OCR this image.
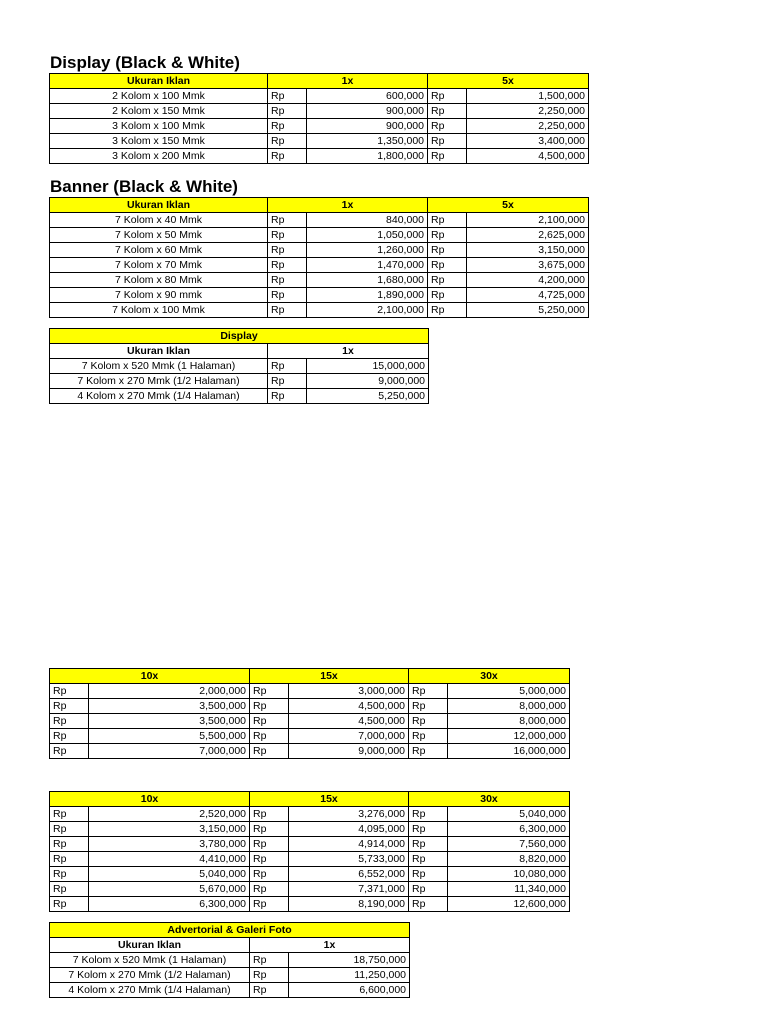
Display (Black & White)
Ukuran Iklan	1x		5x	
2 Kolom x 100 Mmk	Rp	600,000	Rp	1,500,000
2 Kolom x 150 Mmk	Rp	900,000	Rp	2,250,000
3 Kolom x 100 Mmk	Rp	900,000	Rp	2,250,000
3 Kolom x 150 Mmk	Rp	1,350,000	Rp	3,400,000
3 Kolom x 200 Mmk	Rp	1,800,000	Rp	4,500,000
Banner (Black & White)
Ukuran Iklan	1x		5x	
7 Kolom x 40 Mmk	Rp	840,000	Rp	2,100,000
7 Kolom x 50 Mmk	Rp	1,050,000	Rp	2,625,000
7 Kolom x 60 Mmk	Rp	1,260,000	Rp	3,150,000
7 Kolom x 70 Mmk	Rp	1,470,000	Rp	3,675,000
7 Kolom x 80 Mmk	Rp	1,680,000	Rp	4,200,000
7 Kolom x 90 mmk	Rp	1,890,000	Rp	4,725,000
7 Kolom x 100 Mmk	Rp	2,100,000	Rp	5,250,000
Display		
Ukuran Iklan	1x	
7 Kolom x 520 Mmk (1 Halaman)	Rp	15,000,000
7 Kolom x 270 Mmk (1/2 Halaman)	Rp	9,000,000
4 Kolom x 270 Mmk (1/4 Halaman)	Rp	5,250,000
10x		15x		30x	
Rp	2,000,000	Rp	3,000,000	Rp	5,000,000
Rp	3,500,000	Rp	4,500,000	Rp	8,000,000
Rp	3,500,000	Rp	4,500,000	Rp	8,000,000
Rp	5,500,000	Rp	7,000,000	Rp	12,000,000
Rp	7,000,000	Rp	9,000,000	Rp	16,000,000
10x		15x		30x	
Rp	2,520,000	Rp	3,276,000	Rp	5,040,000
Rp	3,150,000	Rp	4,095,000	Rp	6,300,000
Rp	3,780,000	Rp	4,914,000	Rp	7,560,000
Rp	4,410,000	Rp	5,733,000	Rp	8,820,000
Rp	5,040,000	Rp	6,552,000	Rp	10,080,000
Rp	5,670,000	Rp	7,371,000	Rp	11,340,000
Rp	6,300,000	Rp	8,190,000	Rp	12,600,000
Advertorial & Galeri Foto		
Ukuran Iklan	1x	
7 Kolom x 520 Mmk (1 Halaman)	Rp	18,750,000
7 Kolom x 270 Mmk (1/2 Halaman)	Rp	11,250,000
4 Kolom x 270 Mmk (1/4 Halaman)	Rp	6,600,000
